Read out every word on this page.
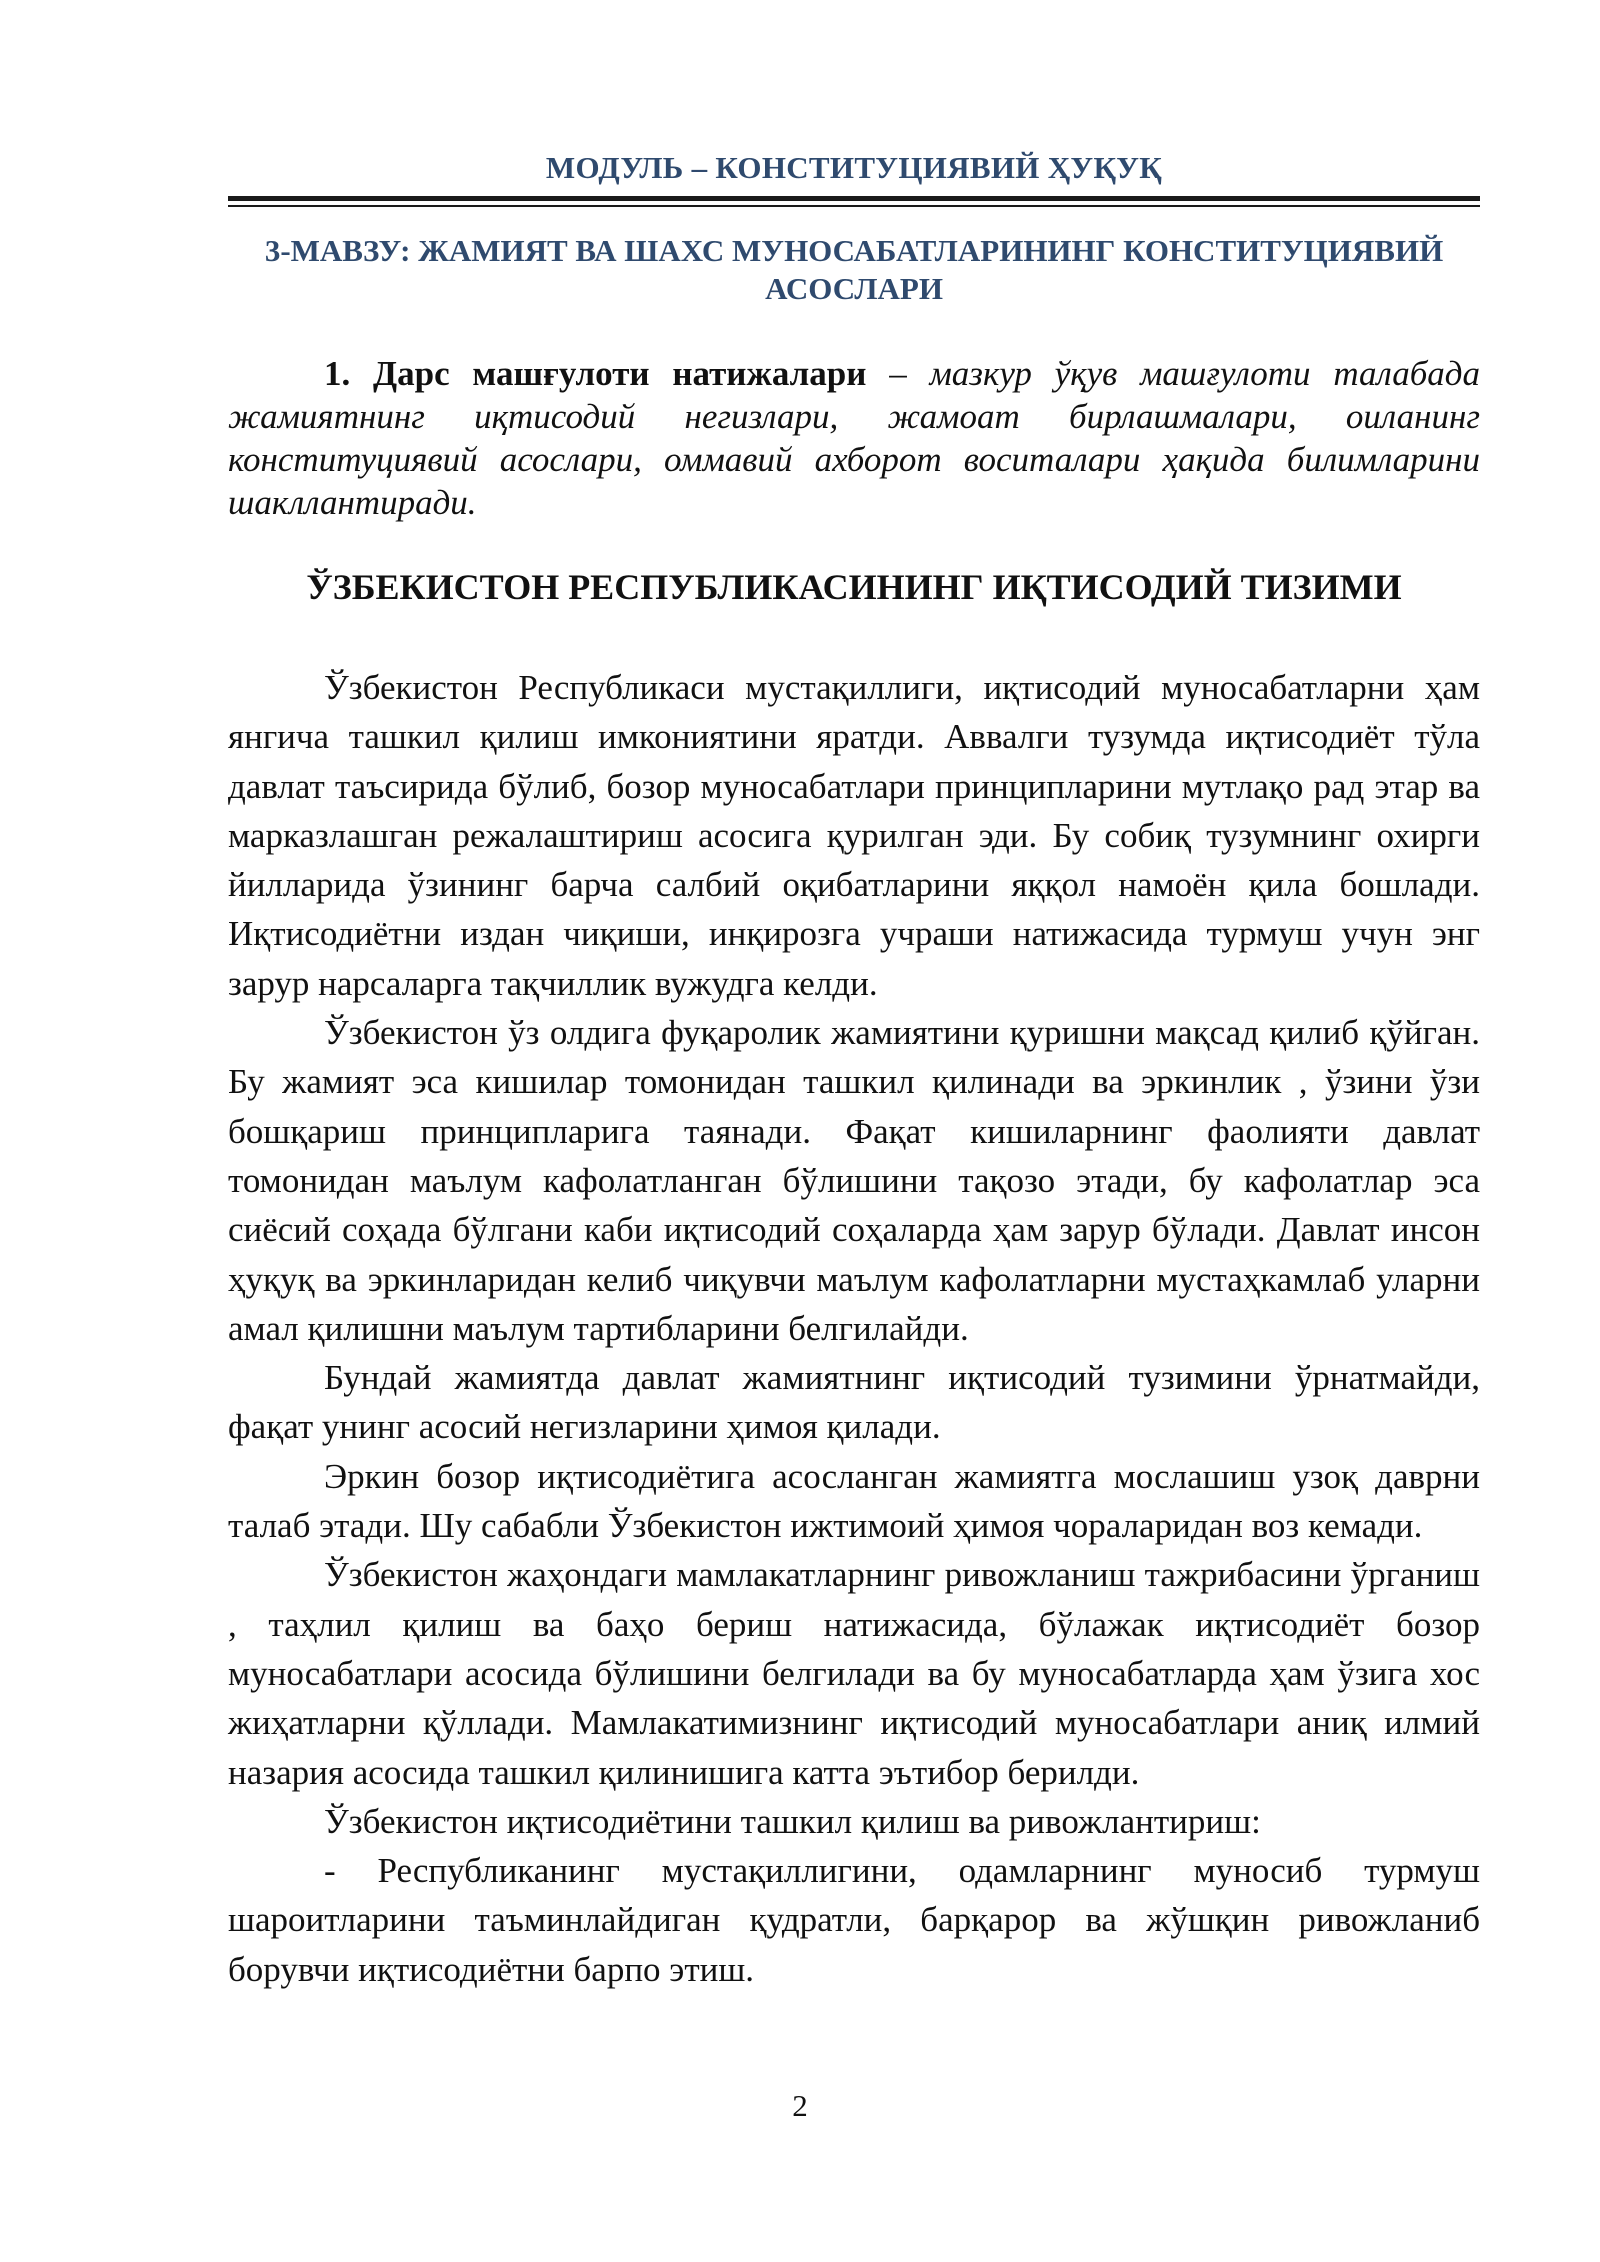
МОДУЛЬ – КОНСТИТУЦИЯВИЙ ҲУҚУҚ
3-МАВЗУ: ЖАМИЯТ ВА ШАХС МУНОСАБАТЛАРИНИНГ КОНСТИТУЦИЯВИЙ
АСОСЛАРИ
1. Дарс машғулоти натижалари – мазкур ўқув машғулоти талабада жамиятнинг иқтисодий негизлари, жамоат бирлашмалари, оиланинг конституциявий асослари, оммавий ахборот воситалари ҳақида билимларини шакллантиради.
ЎЗБЕКИСТОН РЕСПУБЛИКАСИНИНГ ИҚТИСОДИЙ ТИЗИМИ

Ўзбекистон Республикаси мустақиллиги, иқтисодий муносабатларни ҳам янгича ташкил қилиш имкониятини яратди. Аввалги тузумда иқтисодиёт тўла давлат таъсирида бўлиб, бозор муносабатлари принципларини мутлақо рад этар ва марказлашган режалаштириш асосига қурилган эди. Бу собиқ тузумнинг охирги йилларида ўзининг барча салбий оқибатларини яққол намоён қила бошлади. Иқтисодиётни издан чиқиши, инқирозга учраши натижасида турмуш учун энг зарур нарсаларга тақчиллик вужудга келди.

Ўзбекистон ўз олдига фуқаролик жамиятини қуришни мақсад қилиб қўйган. Бу жамият эса кишилар томонидан ташкил қилинади ва эркинлик , ўзини ўзи бошқариш принципларига таянади. Фақат кишиларнинг фаолияти давлат томонидан маълум кафолатланган бўлишини тақозо этади, бу кафолатлар эса сиёсий соҳада бўлгани каби иқтисодий соҳаларда ҳам зарур бўлади. Давлат инсон ҳуқуқ ва эркинларидан келиб чиқувчи маълум кафолатларни мустаҳкамлаб уларни амал қилишни маълум тартибларини белгилайди.

Бундай жамиятда давлат жамиятнинг иқтисодий тузимини ўрнатмайди, фақат унинг асосий негизларини ҳимоя қилади.

Эркин бозор иқтисодиётига асосланган жамиятга мослашиш узоқ даврни талаб этади. Шу сабабли Ўзбекистон ижтимоий ҳимоя чораларидан воз кемади.

Ўзбекистон жаҳондаги мамлакатларнинг ривожланиш тажрибасини ўрганиш , таҳлил қилиш ва баҳо бериш натижасида, бўлажак иқтисодиёт бозор муносабатлари асосида бўлишини белгилади ва бу муносабатларда ҳам ўзига хос жиҳатларни қўллади. Мамлакатимизнинг иқтисодий муносабатлари аниқ илмий назария асосида ташкил қилинишига катта эътибор берилди.

Ўзбекистон иқтисодиётини ташкил қилиш ва ривожлантириш:

- Республиканинг мустақиллигини, одамларнинг муносиб турмуш шароитларини таъминлайдиган қудратли, барқарор ва жўшқин ривожланиб борувчи иқтисодиётни барпо этиш.

2
